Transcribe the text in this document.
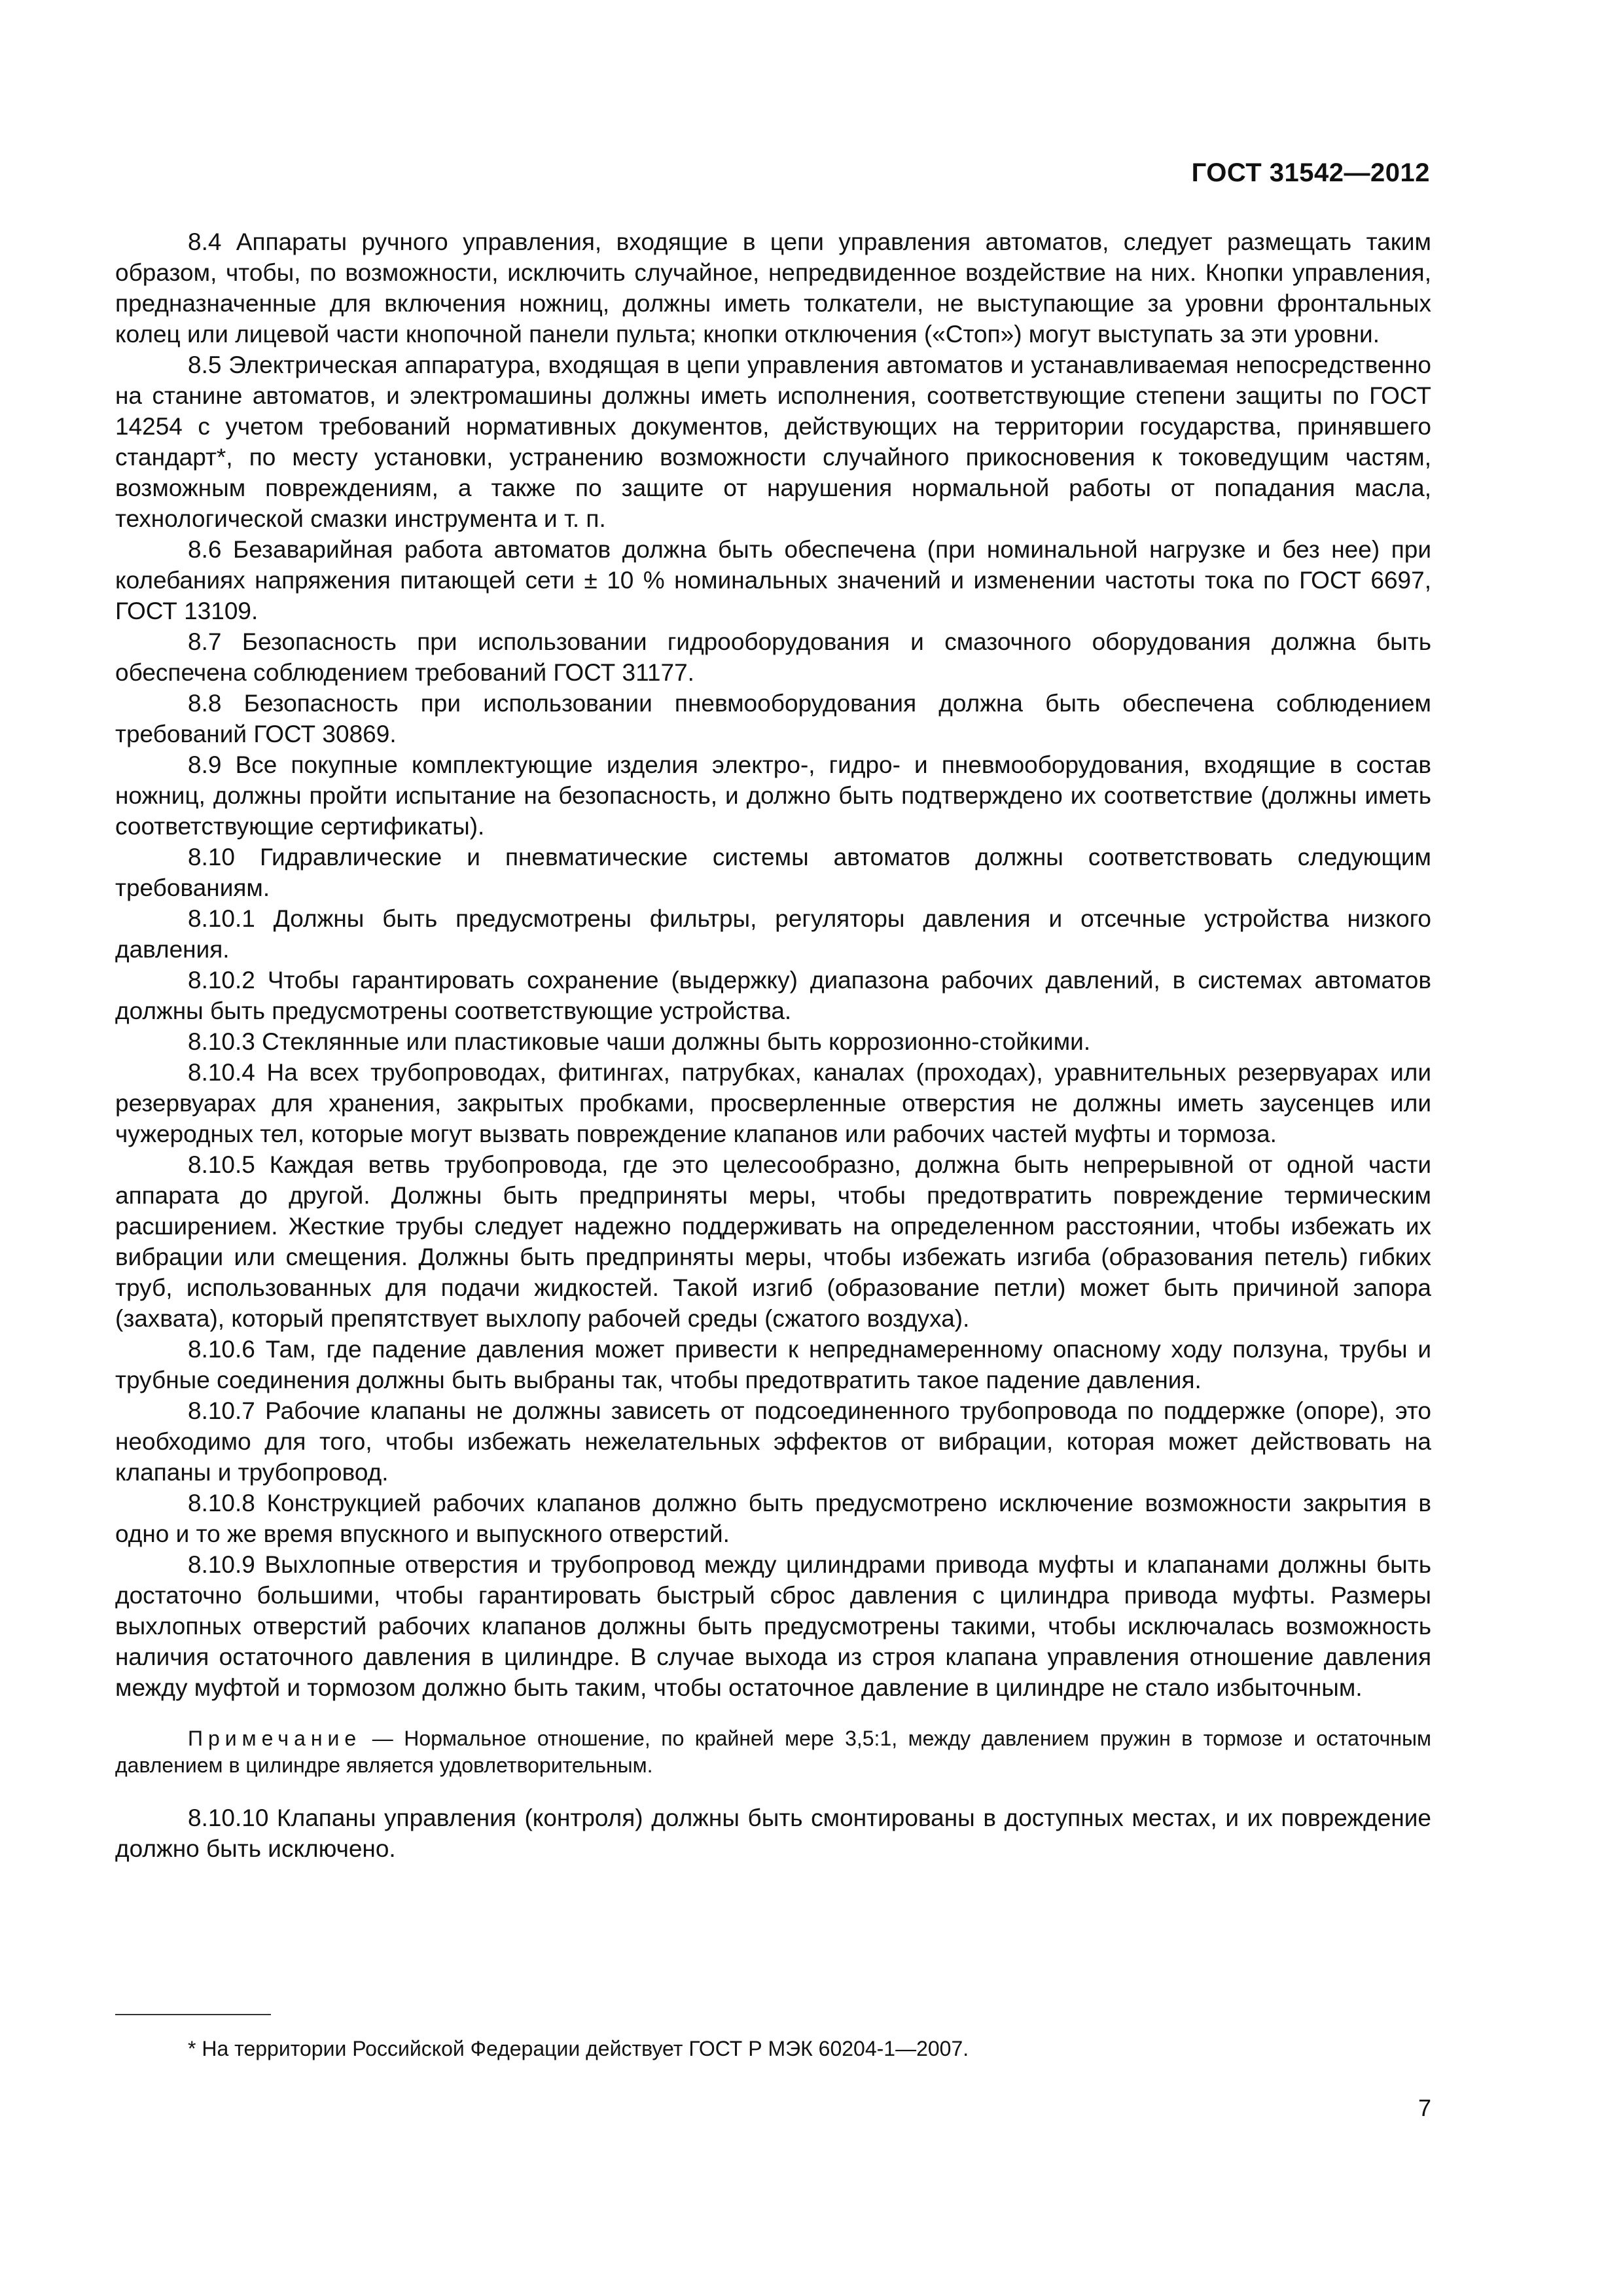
ГОСТ 31542—2012

8.4 Аппараты ручного управления, входящие в цепи управления автоматов, следует размещать таким образом, чтобы, по возможности, исключить случайное, непредвиденное воздействие на них. Кнопки управления, предназначенные для включения ножниц, должны иметь толкатели, не выступающие за уровни фронтальных колец или лицевой части кнопочной панели пульта; кнопки отключения («Стоп») могут выступать за эти уровни.

8.5 Электрическая аппаратура, входящая в цепи управления автоматов и устанавливаемая непосредственно на станине автоматов, и электромашины должны иметь исполнения, соответствующие степени защиты по ГОСТ 14254 с учетом требований нормативных документов, действующих на территории государства, принявшего стандарт*, по месту установки, устранению возможности случайного прикосновения к токоведущим частям, возможным повреждениям, а также по защите от нарушения нормальной работы от попадания масла, технологической смазки инструмента и т. п.

8.6 Безаварийная работа автоматов должна быть обеспечена (при номинальной нагрузке и без нее) при колебаниях напряжения питающей сети ± 10 % номинальных значений и изменении частоты тока по ГОСТ 6697, ГОСТ 13109.

8.7 Безопасность при использовании гидрооборудования и смазочного оборудования должна быть обеспечена соблюдением требований ГОСТ 31177.

8.8 Безопасность при использовании пневмооборудования должна быть обеспечена соблюдением требований ГОСТ 30869.

8.9 Все покупные комплектующие изделия электро-, гидро- и пневмооборудования, входящие в состав ножниц, должны пройти испытание на безопасность, и должно быть подтверждено их соответствие (должны иметь соответствующие сертификаты).

8.10 Гидравлические и пневматические системы автоматов должны соответствовать следующим требованиям.

8.10.1 Должны быть предусмотрены фильтры, регуляторы давления и отсечные устройства низкого давления.

8.10.2 Чтобы гарантировать сохранение (выдержку) диапазона рабочих давлений, в системах автоматов должны быть предусмотрены соответствующие устройства.

8.10.3 Стеклянные или пластиковые чаши должны быть коррозионно-стойкими.

8.10.4 На всех трубопроводах, фитингах, патрубках, каналах (проходах), уравнительных резервуарах или резервуарах для хранения, закрытых пробками, просверленные отверстия не должны иметь заусенцев или чужеродных тел, которые могут вызвать повреждение клапанов или рабочих частей муфты и тормоза.

8.10.5 Каждая ветвь трубопровода, где это целесообразно, должна быть непрерывной от одной части аппарата до другой. Должны быть предприняты меры, чтобы предотвратить повреждение термическим расширением. Жесткие трубы следует надежно поддерживать на определенном расстоянии, чтобы избежать их вибрации или смещения. Должны быть предприняты меры, чтобы избежать изгиба (образования петель) гибких труб, использованных для подачи жидкостей. Такой изгиб (образование петли) может быть причиной запора (захвата), который препятствует выхлопу рабочей среды (сжатого воздуха).

8.10.6 Там, где падение давления может привести к непреднамеренному опасному ходу ползуна, трубы и трубные соединения должны быть выбраны так, чтобы предотвратить такое падение давления.

8.10.7 Рабочие клапаны не должны зависеть от подсоединенного трубопровода по поддержке (опоре), это необходимо для того, чтобы избежать нежелательных эффектов от вибрации, которая может действовать на клапаны и трубопровод.

8.10.8 Конструкцией рабочих клапанов должно быть предусмотрено исключение возможности закрытия в одно и то же время впускного и выпускного отверстий.

8.10.9 Выхлопные отверстия и трубопровод между цилиндрами привода муфты и клапанами должны быть достаточно большими, чтобы гарантировать быстрый сброс давления с цилиндра привода муфты. Размеры выхлопных отверстий рабочих клапанов должны быть предусмотрены такими, чтобы исключалась возможность наличия остаточного давления в цилиндре. В случае выхода из строя клапана управления отношение давления между муфтой и тормозом должно быть таким, чтобы остаточное давление в цилиндре не стало избыточным.

Примечание — Нормальное отношение, по крайней мере 3,5:1, между давлением пружин в тормозе и остаточным давлением в цилиндре является удовлетворительным.

8.10.10 Клапаны управления (контроля) должны быть смонтированы в доступных местах, и их повреждение должно быть исключено.

* На территории Российской Федерации действует ГОСТ Р МЭК 60204-1—2007.
7
